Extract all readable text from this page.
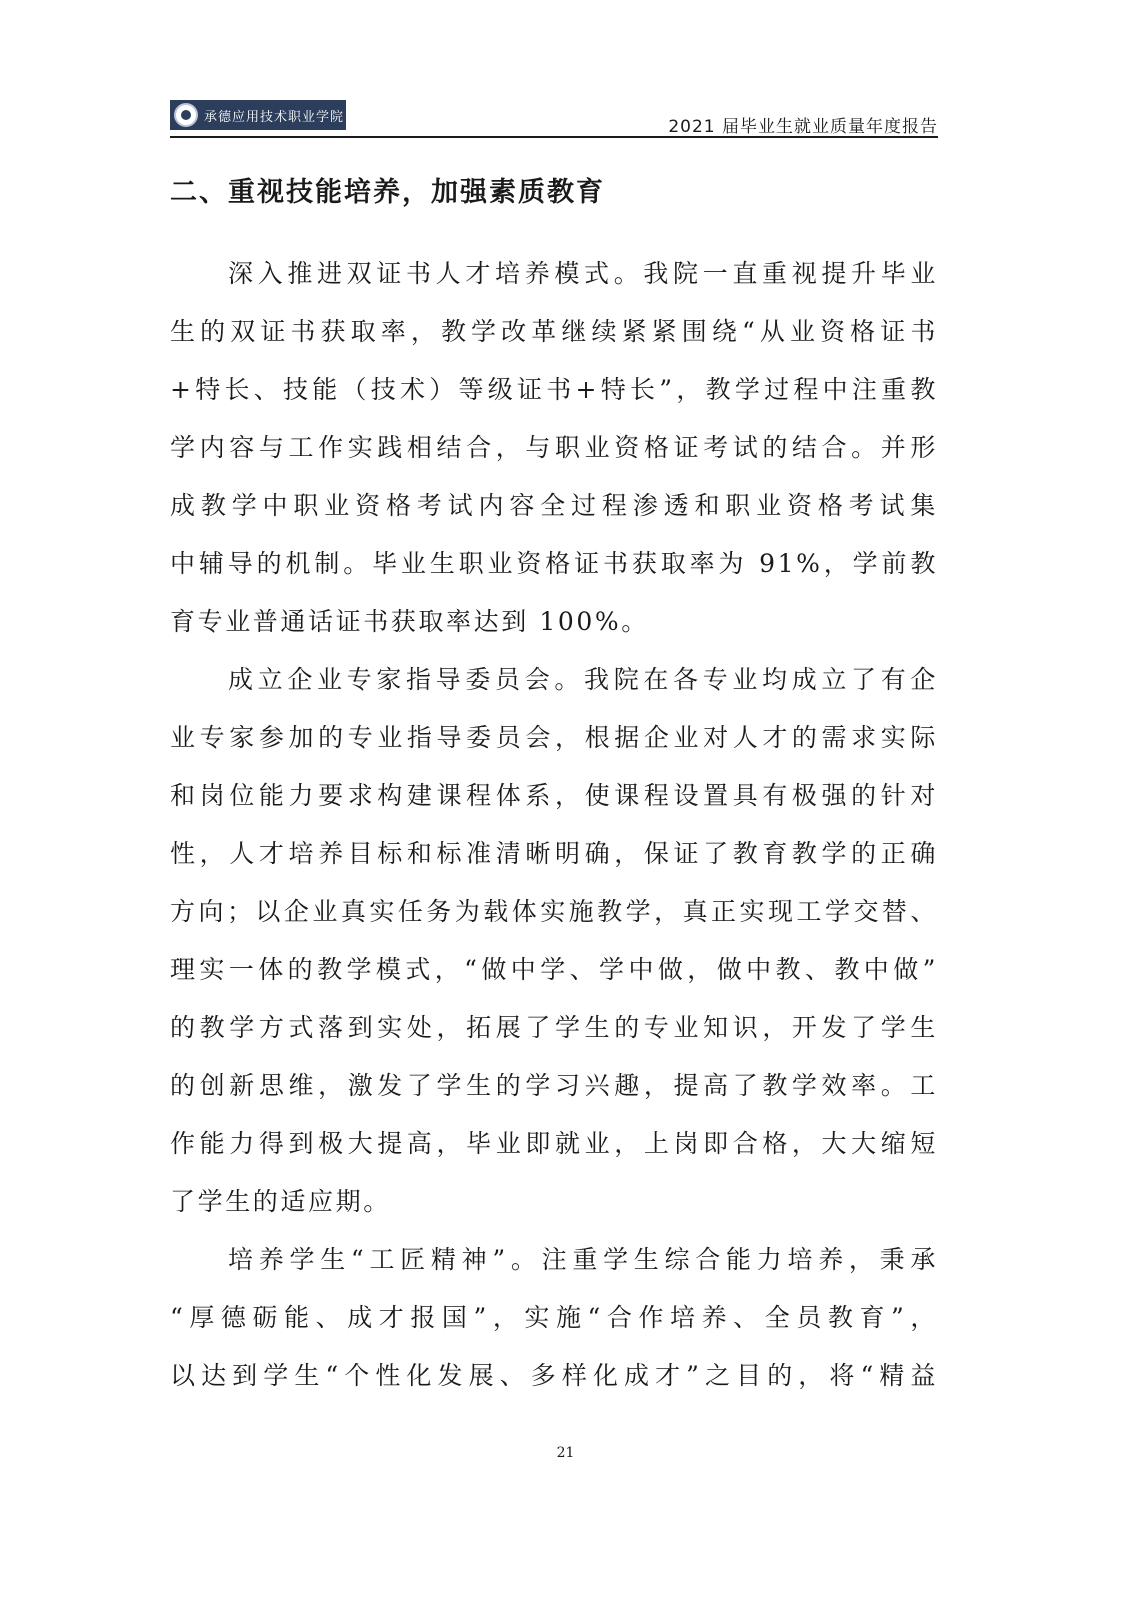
承德应用技术职业学院	2021 届毕业生就业质量年度报告
二、重视技能培养，加强素质教育
深入推进双证书人才培养模式。我院一直重视提升毕业
生的双证书获取率，教学改革继续紧紧围绕“从业资格证书
+特长、技能（技术）等级证书+特长”，教学过程中注重教
学内容与工作实践相结合，与职业资格证考试的结合。并形
成教学中职业资格考试内容全过程渗透和职业资格考试集
中辅导的机制。毕业生职业资格证书获取率为 91%，学前教
育专业普通话证书获取率达到 100%。
成立企业专家指导委员会。我院在各专业均成立了有企
业专家参加的专业指导委员会，根据企业对人才的需求实际
和岗位能力要求构建课程体系，使课程设置具有极强的针对
性，人才培养目标和标准清晰明确，保证了教育教学的正确
方向；以企业真实任务为载体实施教学，真正实现工学交替、
理实一体的教学模式，“做中学、学中做，做中教、教中做”
的教学方式落到实处，拓展了学生的专业知识，开发了学生
的创新思维，激发了学生的学习兴趣，提高了教学效率。工
作能力得到极大提高，毕业即就业，上岗即合格，大大缩短
了学生的适应期。
培养学生“工匠精神”。注重学生综合能力培养，秉承
“厚德砺能、成才报国”，实施“合作培养、全员教育”，
以达到学生“个性化发展、多样化成才”之目的，将“精益
21
